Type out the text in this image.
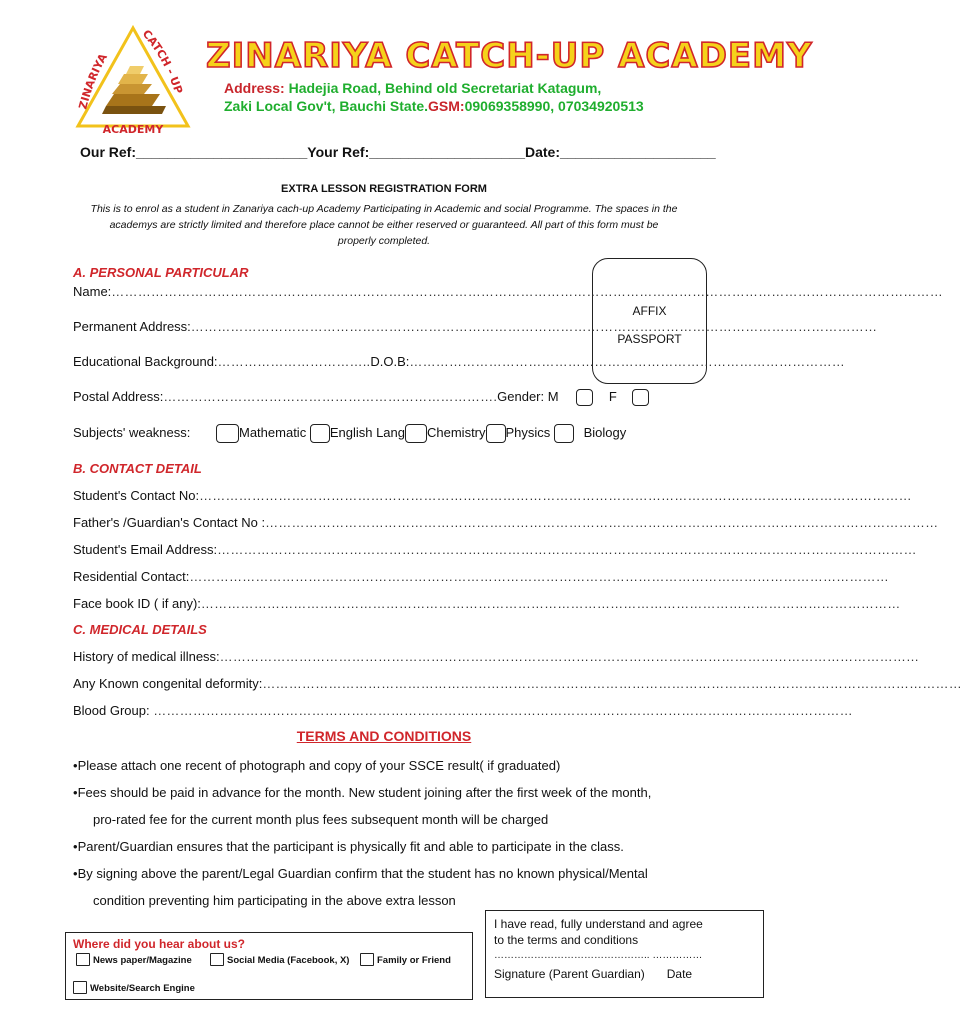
ZINARIYA
CATCH - UP
ACADEMY
ZINARIYA CATCH-UP ACADEMY
Address: Hadejia Road, Behind old Secretariat Katagum,
Zaki Local Gov't, Bauchi State.GSM:09069358990, 07034920513
Our Ref:______________________Your Ref:____________________Date:____________________
EXTRA LESSON REGISTRATION FORM
This is to enrol as a student in Zanariya cach-up Academy Participating in Academic and social Programme. The spaces in the
academys are strictly limited and therefore place cannot be either reserved or guaranteed. All part of this form must be
properly completed.
AFFIX
PASSPORT
A. PERSONAL PARTICULAR
Name:………………………………………………………………………………………………………………………………………………………………………
Permanent Address:…………………………………………………………………………………………………………………………………………
Educational Background:……………………………..D.O.B:………………………………………………………………………………………
Postal Address:………………………………………………………………….Gender: M	F
Subjects' weakness:	Mathematic English Lang Chemistry Physics	Biology
B. CONTACT DETAIL
Student's Contact No:………………………………………………………………………………………………………………………………………………
Father's /Guardian's Contact No :………………………………………………………………………………………………………………………………………
Student's Email Address:……………………………………………………………………………………………………………………………………………
Residential Contact:……………………………………………………………………………………………………………………………………………
Face book ID ( if any):……………………………………………………………………………………………………………………………………………
C. MEDICAL DETAILS
History of medical illness:……………………………………………………………………………………………………………………………………………
Any Known congenital deformity:……………………………………………………………………………………………………………………………………………
Blood Group: ……………………………………………………………………………………………………………………………………………
TERMS AND CONDITIONS

•Please attach one recent of photograph and copy of your SSCE result( if graduated)

•Fees should be paid in advance for the month. New student joining after the first week of the month,

pro-rated fee for the current month plus fees subsequent month will be charged

•Parent/Guardian ensures that the participant is physically fit and able to participate in the class.

•By signing above the parent/Legal Guardian confirm that the student has no known physical/Mental

condition preventing him participating in the above extra lesson

Where did you hear about us?
News paper/Magazine	Social Media (Facebook, X)	Family or Friend
Website/Search Engine
I have read, fully understand and agree
to the terms and conditions
……………………………………….. ……………
Signature (Parent Guardian) Date
